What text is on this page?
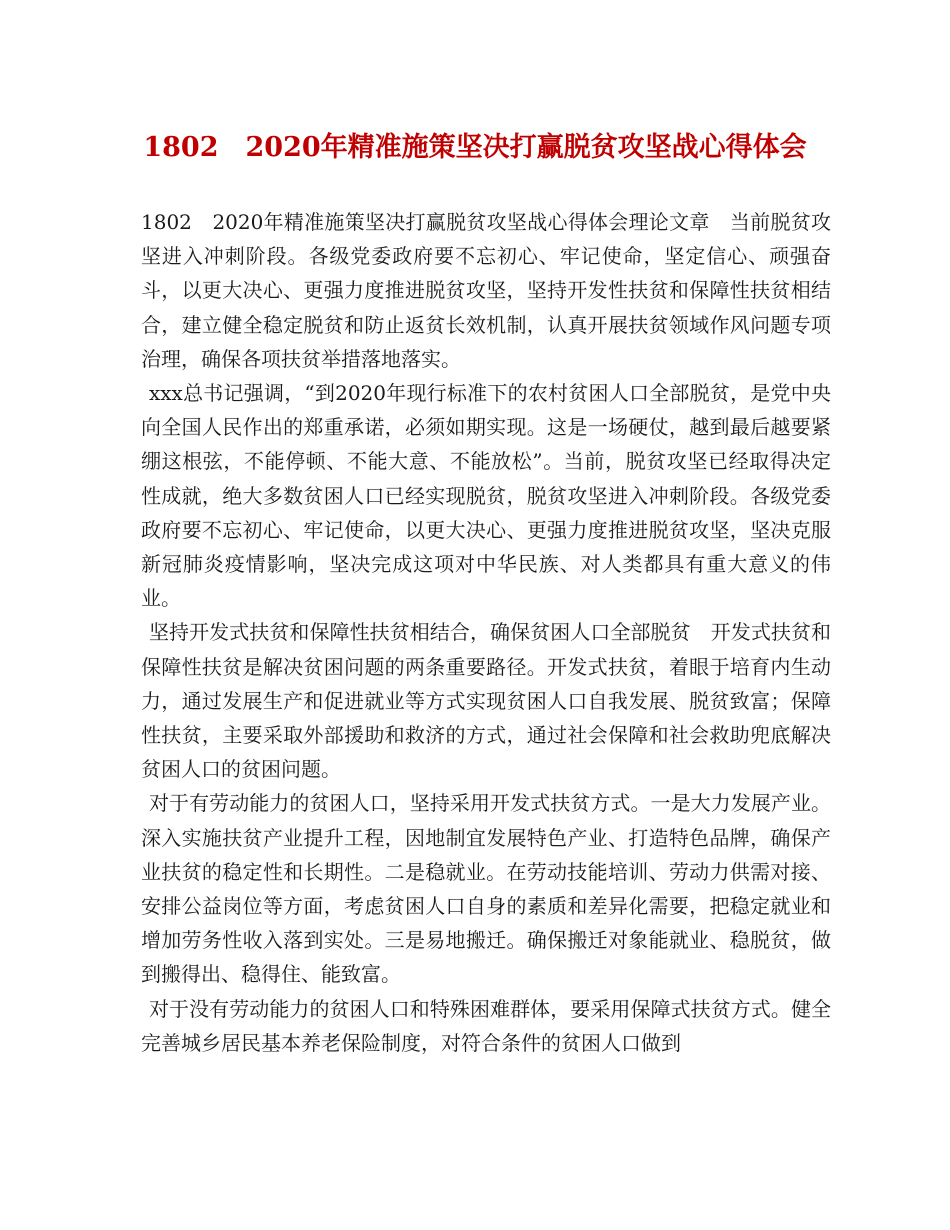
1802　2020年精准施策坚决打赢脱贫攻坚战心得体会

1802　2020年精准施策坚决打赢脱贫攻坚战心得体会理论文章　当前脱贫攻坚进入冲刺阶段。各级党委政府要不忘初心、牢记使命，坚定信心、顽强奋斗，以更大决心、更强力度推进脱贫攻坚，坚持开发性扶贫和保障性扶贫相结合，建立健全稳定脱贫和防止返贫长效机制，认真开展扶贫领域作风问题专项治理，确保各项扶贫举措落地落实。

xxx总书记强调，“到2020年现行标准下的农村贫困人口全部脱贫，是党中央向全国人民作出的郑重承诺，必须如期实现。这是一场硬仗，越到最后越要紧绷这根弦，不能停顿、不能大意、不能放松”。当前，脱贫攻坚已经取得决定性成就，绝大多数贫困人口已经实现脱贫，脱贫攻坚进入冲刺阶段。各级党委政府要不忘初心、牢记使命，以更大决心、更强力度推进脱贫攻坚，坚决克服新冠肺炎疫情影响，坚决完成这项对中华民族、对人类都具有重大意义的伟业。

坚持开发式扶贫和保障性扶贫相结合，确保贫困人口全部脱贫　开发式扶贫和保障性扶贫是解决贫困问题的两条重要路径。开发式扶贫，着眼于培育内生动力，通过发展生产和促进就业等方式实现贫困人口自我发展、脱贫致富；保障性扶贫，主要采取外部援助和救济的方式，通过社会保障和社会救助兜底解决贫困人口的贫困问题。

对于有劳动能力的贫困人口，坚持采用开发式扶贫方式。一是大力发展产业。深入实施扶贫产业提升工程，因地制宜发展特色产业、打造特色品牌，确保产业扶贫的稳定性和长期性。二是稳就业。在劳动技能培训、劳动力供需对接、安排公益岗位等方面，考虑贫困人口自身的素质和差异化需要，把稳定就业和增加劳务性收入落到实处。三是易地搬迁。确保搬迁对象能就业、稳脱贫，做到搬得出、稳得住、能致富。

对于没有劳动能力的贫困人口和特殊困难群体，要采用保障式扶贫方式。健全完善城乡居民基本养老保险制度，对符合条件的贫困人口做到
